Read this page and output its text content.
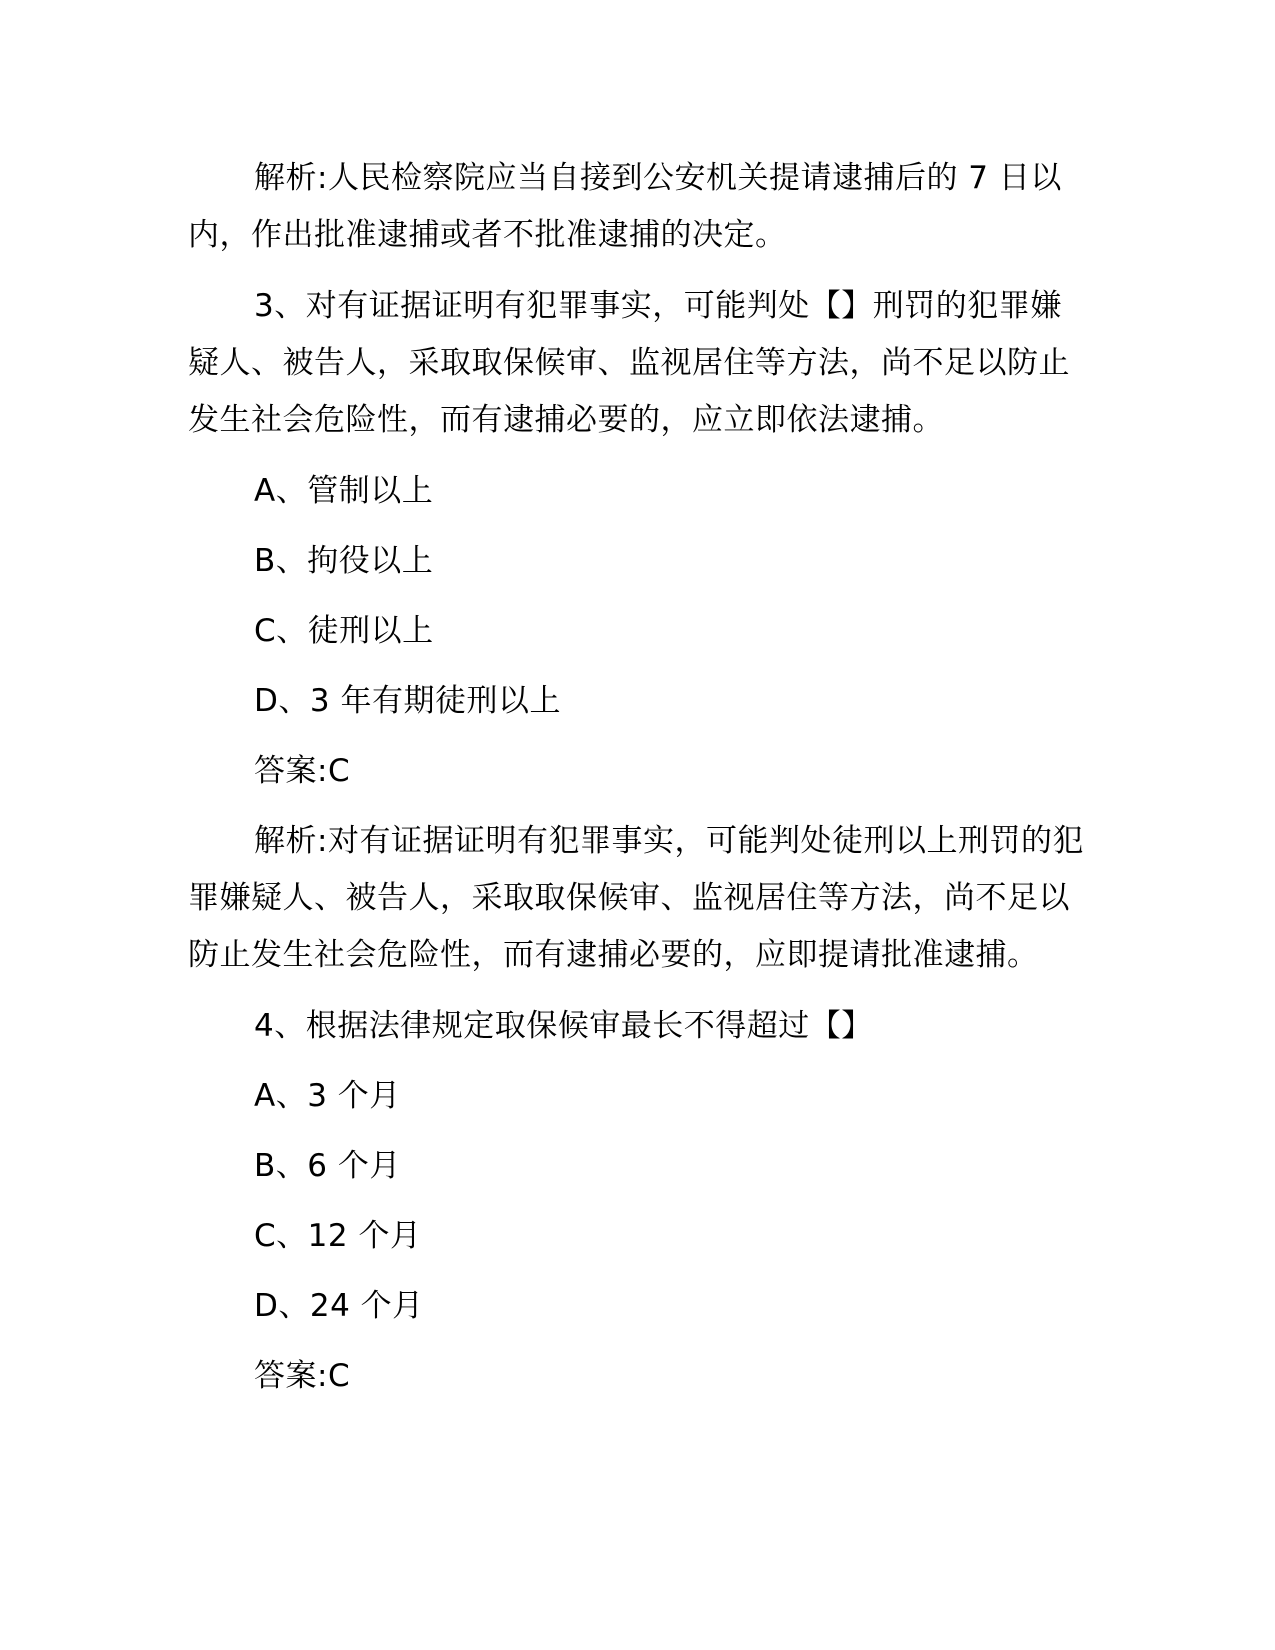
解析:人民检察院应当自接到公安机关提请逮捕后的 7 日以内，作出批准逮捕或者不批准逮捕的决定。

3、对有证据证明有犯罪事实，可能判处【】刑罚的犯罪嫌疑人、被告人，采取取保候审、监视居住等方法，尚不足以防止发生社会危险性，而有逮捕必要的，应立即依法逮捕。

A、管制以上

B、拘役以上

C、徒刑以上

D、3 年有期徒刑以上

答案:C

解析:对有证据证明有犯罪事实，可能判处徒刑以上刑罚的犯罪嫌疑人、被告人，采取取保候审、监视居住等方法，尚不足以防止发生社会危险性，而有逮捕必要的，应即提请批准逮捕。

4、根据法律规定取保候审最长不得超过【】

A、3 个月

B、6 个月

C、12 个月

D、24 个月

答案:C
